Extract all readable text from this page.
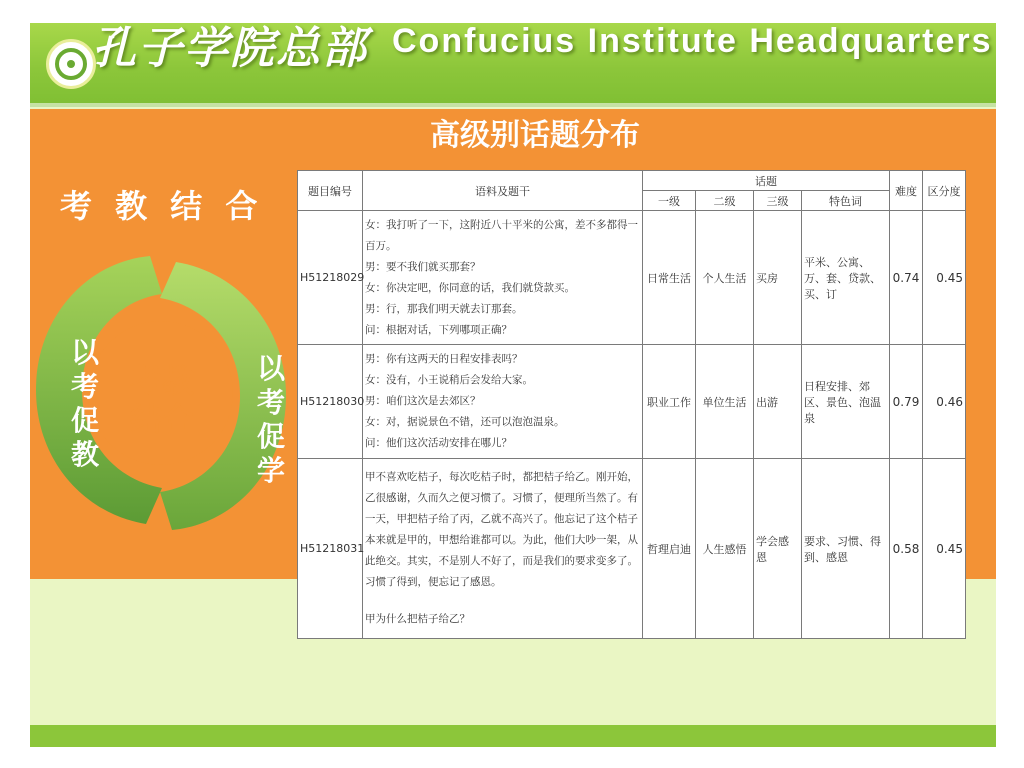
孔子学院总部 Confucius Institute Headquarters
高级别话题分布
考 教 结 合
以
考
促
教
以
考
促
学
考教
结合
题目编号	语料及题干	话题				难度	区分度
		一级	二级	三级	特色词		
H51218029	女：我打听了一下，这附近八十平米的公寓，差不多都得一百万。
男：要不我们就买那套？
女：你决定吧，你同意的话，我们就贷款买。
男：行，那我们明天就去订那套。
问：根据对话，下列哪项正确？	日常生活	个人生活	买房	平米、公寓、万、套、贷款、买、订	0.74	0.45
H51218030	男：你有这两天的日程安排表吗？
女：没有，小王说稍后会发给大家。
男：咱们这次是去郊区？
女：对，据说景色不错，还可以泡泡温泉。
问：他们这次活动安排在哪儿？	职业工作	单位生活	出游	日程安排、郊区、景色、泡温泉	0.79	0.46
H51218031	甲不喜欢吃桔子，每次吃桔子时，都把桔子给乙。刚开始，乙很感谢，久而久之便习惯了。习惯了，便理所当然了。有一天，甲把桔子给了丙，乙就不高兴了。他忘记了这个桔子本来就是甲的，甲想给谁都可以。为此，他们大吵一架，从此绝交。其实，不是别人不好了，而是我们的要求变多了。习惯了得到，便忘记了感恩。
甲为什么把桔子给乙？	哲理启迪	人生感悟	学会感恩	要求、习惯、得到、感恩	0.58	0.45
